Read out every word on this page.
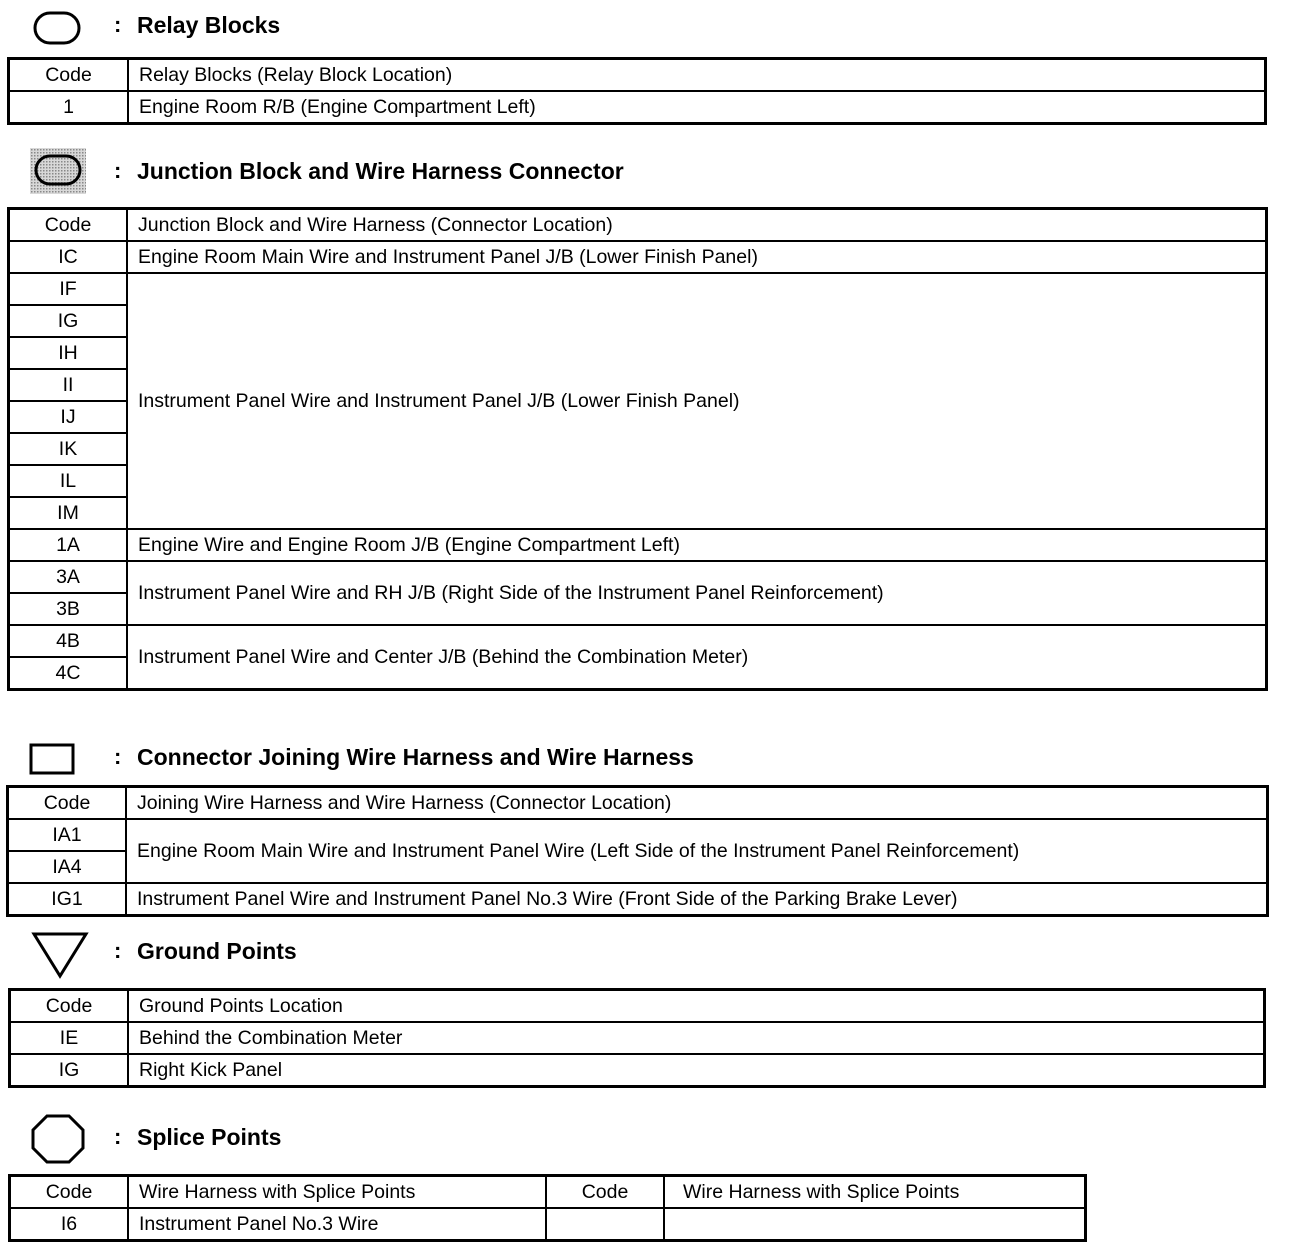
: Relay Blocks
Code	Relay Blocks (Relay Block Location)
1	Engine Room R/B (Engine Compartment Left)
: Junction Block and Wire Harness Connector
Code	Junction Block and Wire Harness (Connector Location)
IC	Engine Room Main Wire and Instrument Panel J/B (Lower Finish Panel)
IF	Instrument Panel Wire and Instrument Panel J/B (Lower Finish Panel)
IG	
IH	
II	
IJ	
IK	
IL	
IM	
1A	Engine Wire and Engine Room J/B (Engine Compartment Left)
3A	Instrument Panel Wire and RH J/B (Right Side of the Instrument Panel Reinforcement)
3B	
4B	Instrument Panel Wire and Center J/B (Behind the Combination Meter)
4C	
: Connector Joining Wire Harness and Wire Harness
Code	Joining Wire Harness and Wire Harness (Connector Location)
IA1	Engine Room Main Wire and Instrument Panel Wire (Left Side of the Instrument Panel Reinforcement)
IA4	
IG1	Instrument Panel Wire and Instrument Panel No.3 Wire (Front Side of the Parking Brake Lever)
: Ground Points
Code	Ground Points Location
IE	Behind the Combination Meter
IG	Right Kick Panel
: Splice Points
Code	Wire Harness with Splice Points	Code	Wire Harness with Splice Points
I6	Instrument Panel No.3 Wire		
